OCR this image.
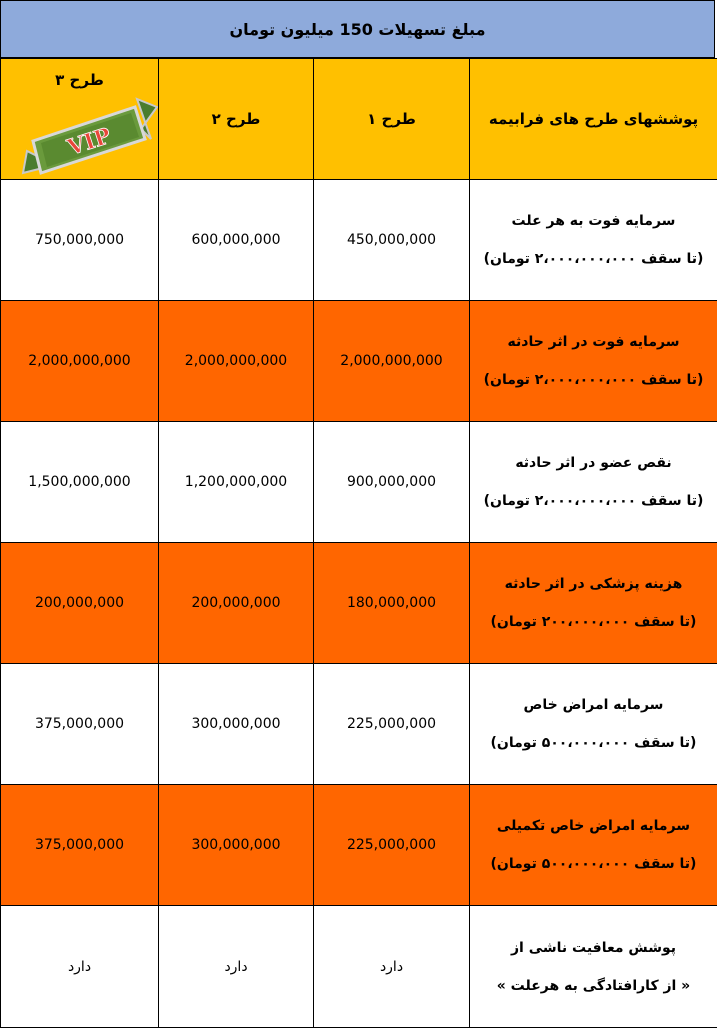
مبلغ تسهیلات 150 میلیون تومان
پوششهای طرح های فرابیمه	طرح ۱	طرح ۲	طرح ۳
VIP

سرمایه فوت به هر علت
(تا سقف ۲،۰۰۰،۰۰۰،۰۰۰ تومان)	450,000,000	600,000,000	750,000,000

سرمایه فوت در اثر حادثه
(تا سقف ۲،۰۰۰،۰۰۰،۰۰۰ تومان)	2,000,000,000	2,000,000,000	2,000,000,000

نقص عضو در اثر حادثه
(تا سقف ۲،۰۰۰،۰۰۰،۰۰۰ تومان)	900,000,000	1,200,000,000	1,500,000,000

هزینه پزشکی در اثر حادثه
(تا سقف ۲۰۰،۰۰۰،۰۰۰ تومان)	180,000,000	200,000,000	200,000,000

سرمایه امراض خاص
(تا سقف ۵۰۰،۰۰۰،۰۰۰ تومان)	225,000,000	300,000,000	375,000,000

سرمایه امراض خاص تکمیلی
(تا سقف ۵۰۰،۰۰۰،۰۰۰ تومان)	225,000,000	300,000,000	375,000,000

پوشش معافیت ناشی از
« از کارافتادگی به هرعلت »	دارد	دارد	دارد
